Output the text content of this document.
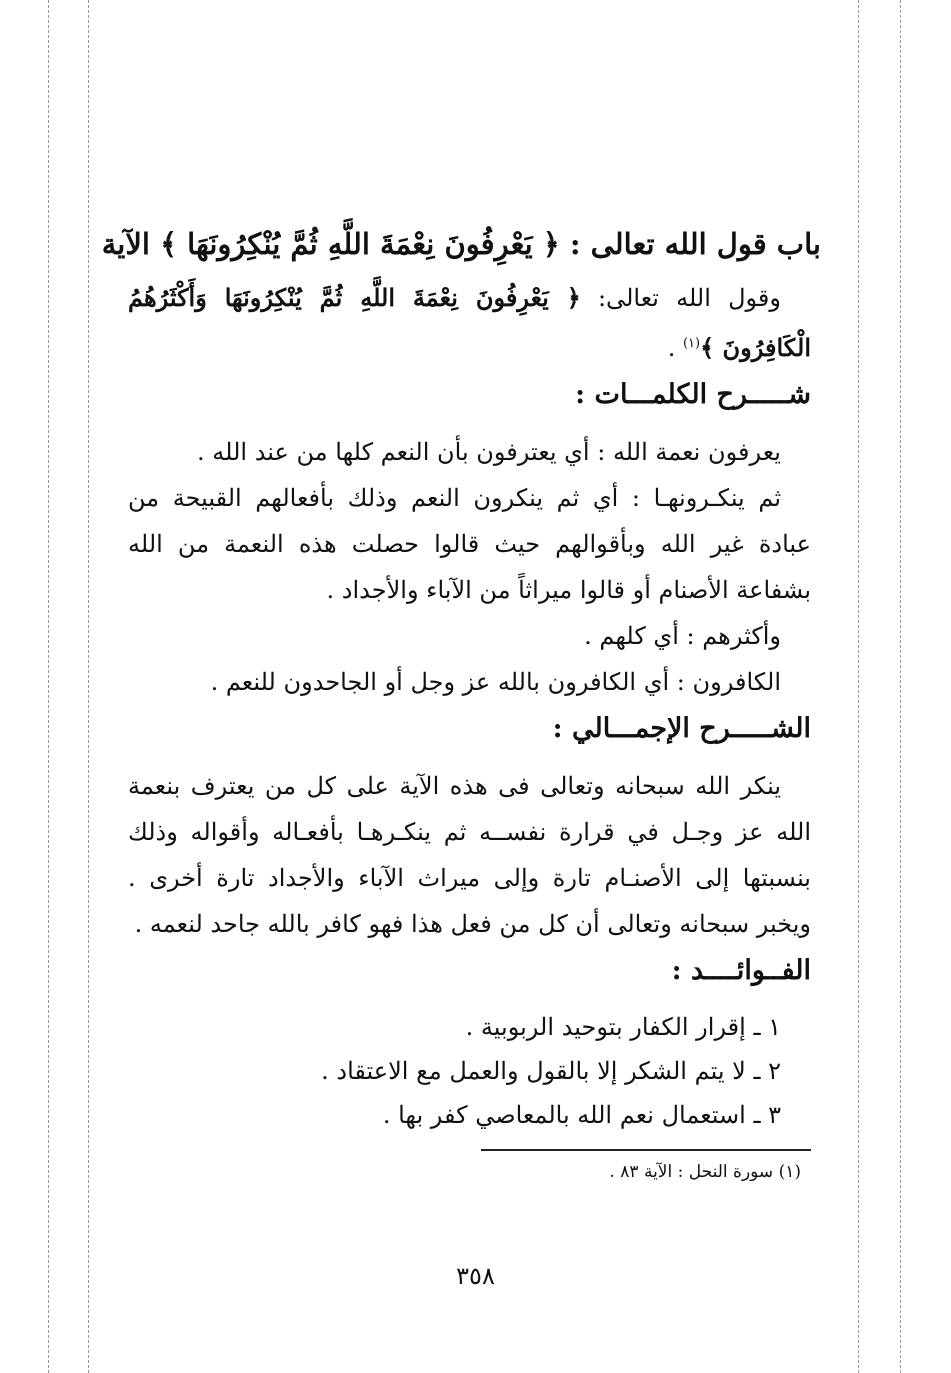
باب قول الله تعالى : ﴿ يَعْرِفُونَ نِعْمَةَ اللَّهِ ثُمَّ يُنْكِرُونَهَا ﴾ الآية

وقول الله تعالى: ﴿ يَعْرِفُونَ نِعْمَةَ اللَّهِ ثُمَّ يُنْكِرُونَهَا وَأَكْثَرُهُمُ الْكَافِرُونَ ﴾$^{(١)}$ .

شـــــرح الكلمـــات :

يعرفون نعمة الله : أي يعترفون بأن النعم كلها من عند الله .

ثم ينكـرونهـا : أي ثم ينكرون النعم وذلك بأفعالهم القبيحة من عبادة غير الله وبأقوالهم حيث قالوا حصلت هذه النعمة من الله بشفاعة الأصنام أو قالوا ميراثاً من الآباء والأجداد .

وأكثرهم : أي كلهم .

الكافرون : أي الكافرون بالله عز وجل أو الجاحدون للنعم .

الشـــــرح الإجمـــالي :

ينكر الله سبحانه وتعالى فى هذه الآية على كل من يعترف بنعمة الله عز وجـل في قرارة نفســه ثم ينكـرهـا بأفعـاله وأقواله وذلك بنسبتها إلى الأصنـام تارة وإلى ميراث الآباء والأجداد تارة أخرى . ويخبر سبحانه وتعالى أن كل من فعل هذا فهو كافر بالله جاحد لنعمه .

الفــوائــــد :

١ ـ إقرار الكفار بتوحيد الربوبية .

٢ ـ لا يتم الشكر إلا بالقول والعمل مع الاعتقاد .

٣ ـ استعمال نعم الله بالمعاصي كفر بها .

(١) سورة النحل : الآية ٨٣ .
٣٥٨
